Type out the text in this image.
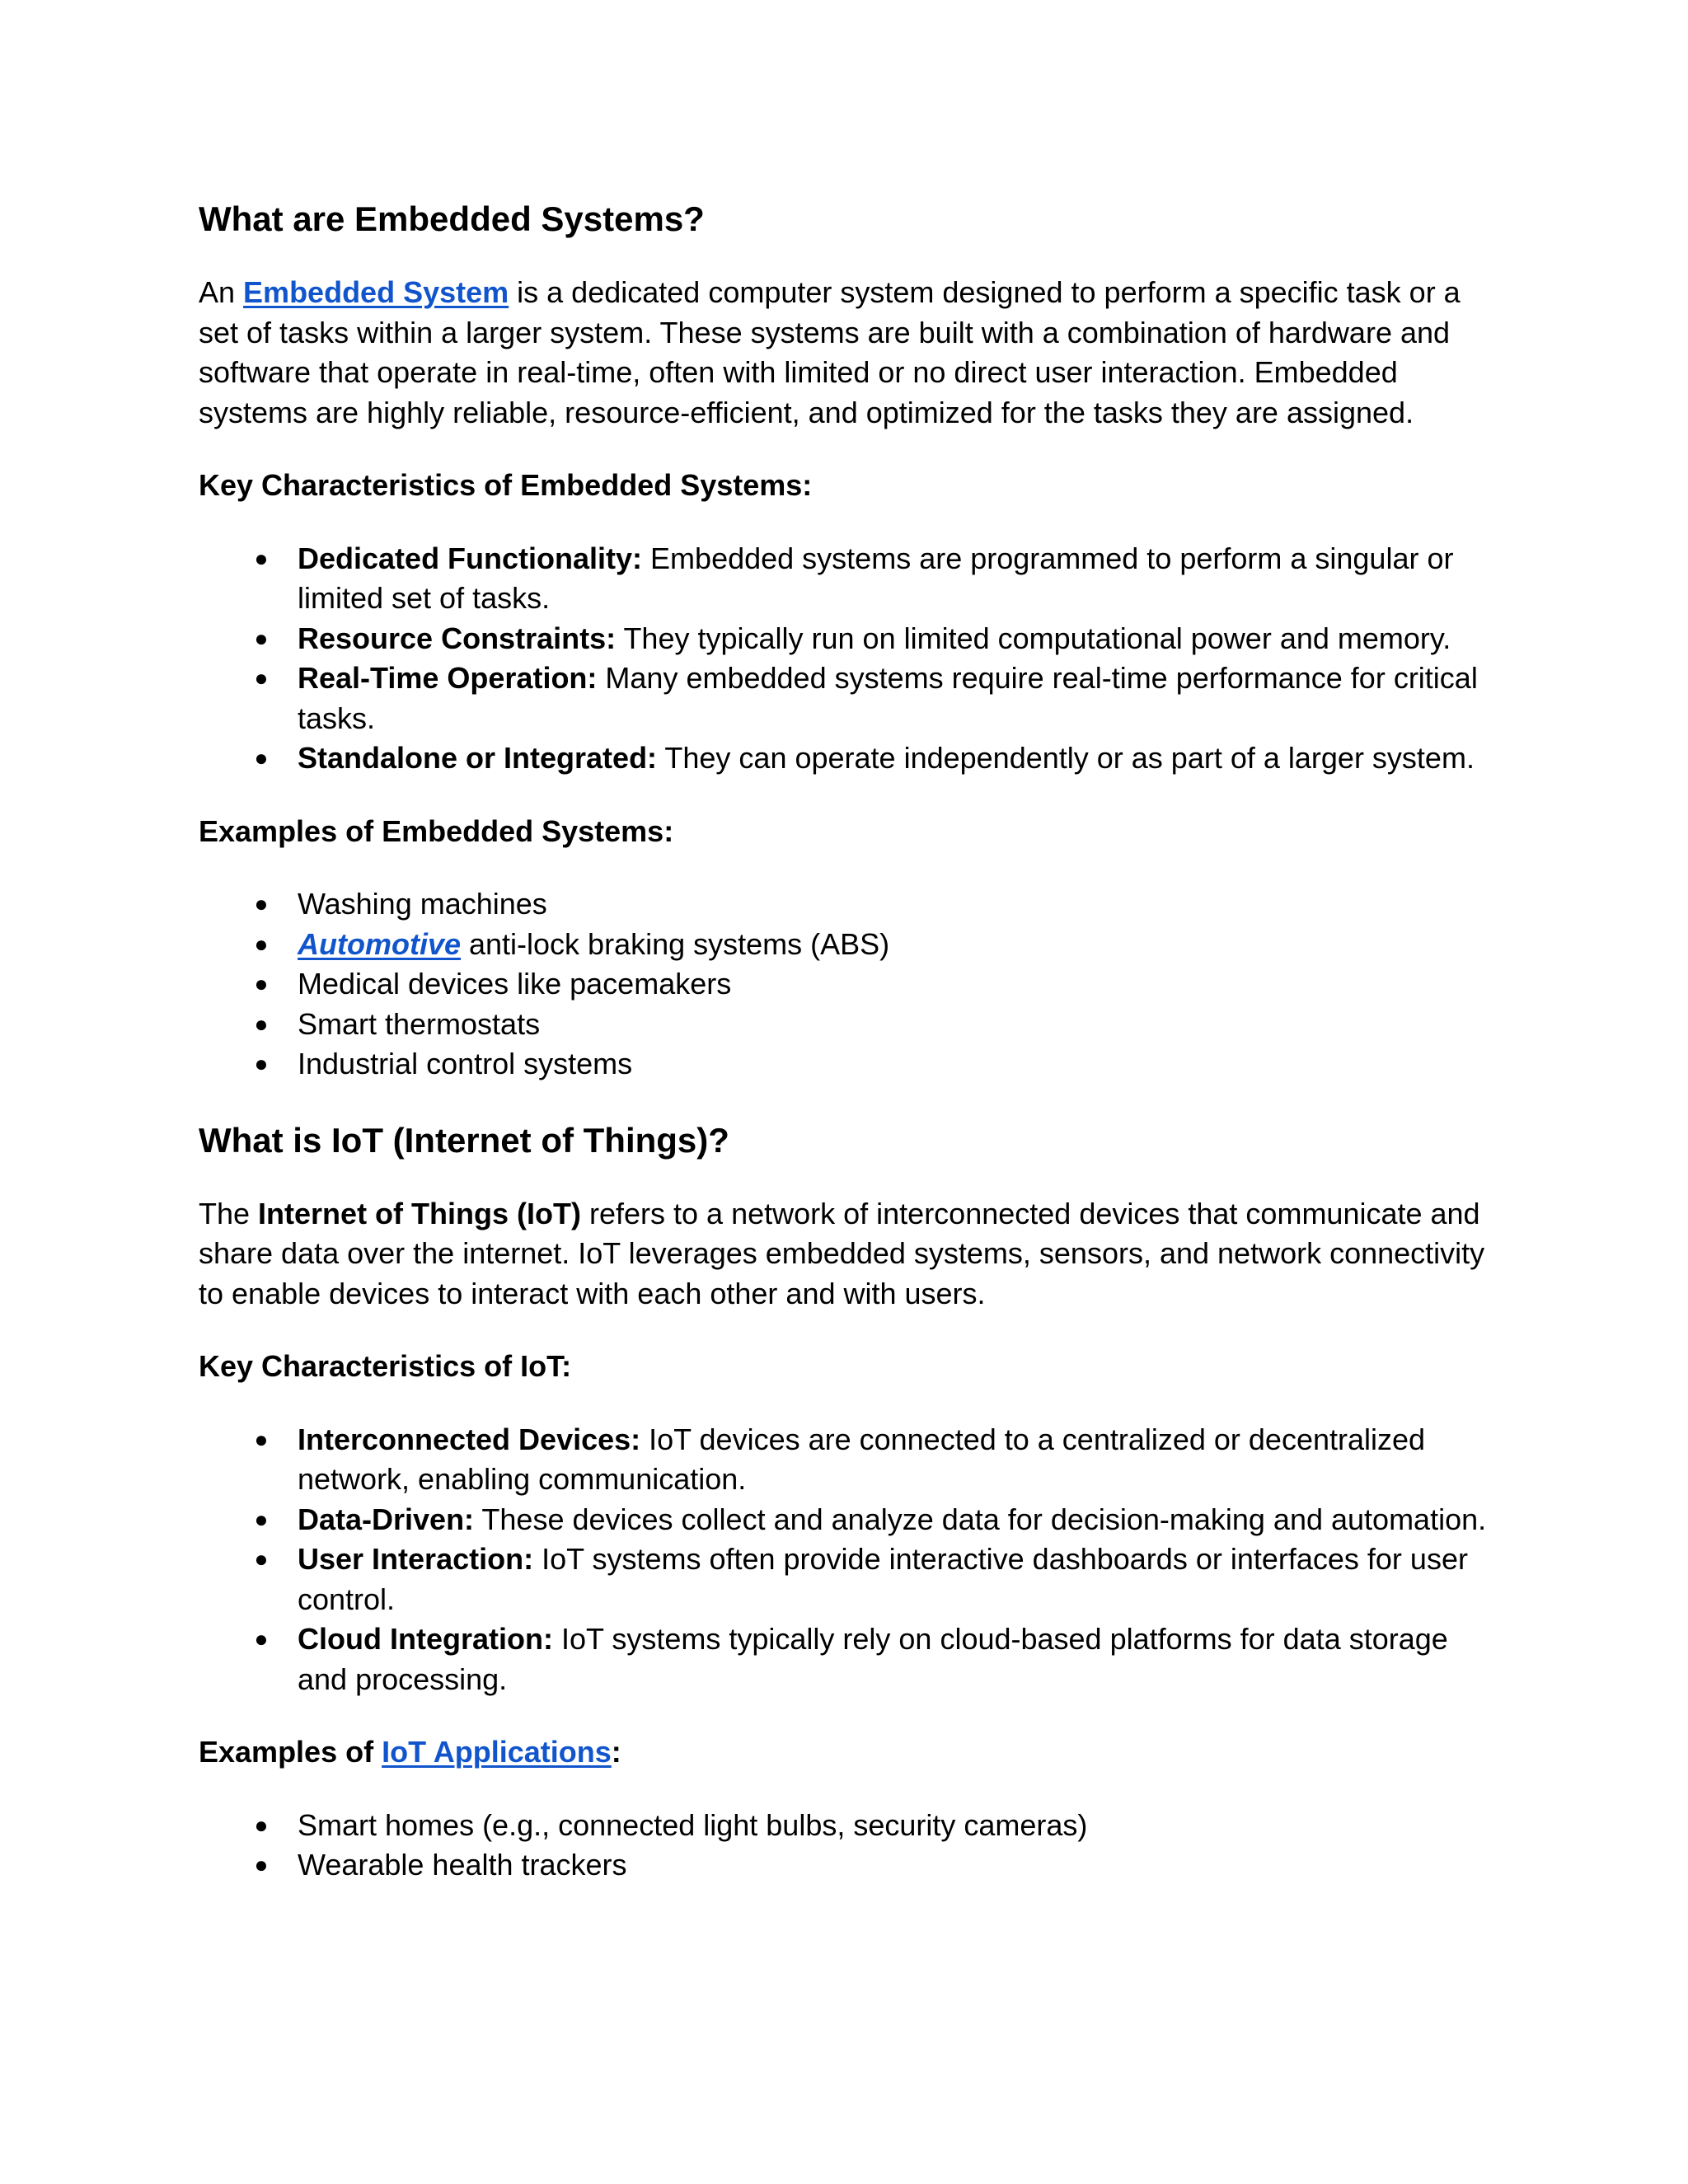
What are Embedded Systems?

An Embedded System is a dedicated computer system designed to perform a specific task or a set of tasks within a larger system. These systems are built with a combination of hardware and software that operate in real-time, often with limited or no direct user interaction. Embedded systems are highly reliable, resource-efficient, and optimized for the tasks they are assigned.

Key Characteristics of Embedded Systems:

● Dedicated Functionality: Embedded systems are programmed to perform a singular or limited set of tasks.
● Resource Constraints: They typically run on limited computational power and memory.
● Real-Time Operation: Many embedded systems require real-time performance for critical tasks.
● Standalone or Integrated: They can operate independently or as part of a larger system.

Examples of Embedded Systems:

● Washing machines
● Automotive anti-lock braking systems (ABS)
● Medical devices like pacemakers
● Smart thermostats
● Industrial control systems
What is IoT (Internet of Things)?

The Internet of Things (IoT) refers to a network of interconnected devices that communicate and share data over the internet. IoT leverages embedded systems, sensors, and network connectivity to enable devices to interact with each other and with users.

Key Characteristics of IoT:

● Interconnected Devices: IoT devices are connected to a centralized or decentralized network, enabling communication.
● Data-Driven: These devices collect and analyze data for decision-making and automation.
● User Interaction: IoT systems often provide interactive dashboards or interfaces for user control.
● Cloud Integration: IoT systems typically rely on cloud-based platforms for data storage and processing.

Examples of IoT Applications:

● Smart homes (e.g., connected light bulbs, security cameras)
● Wearable health trackers
